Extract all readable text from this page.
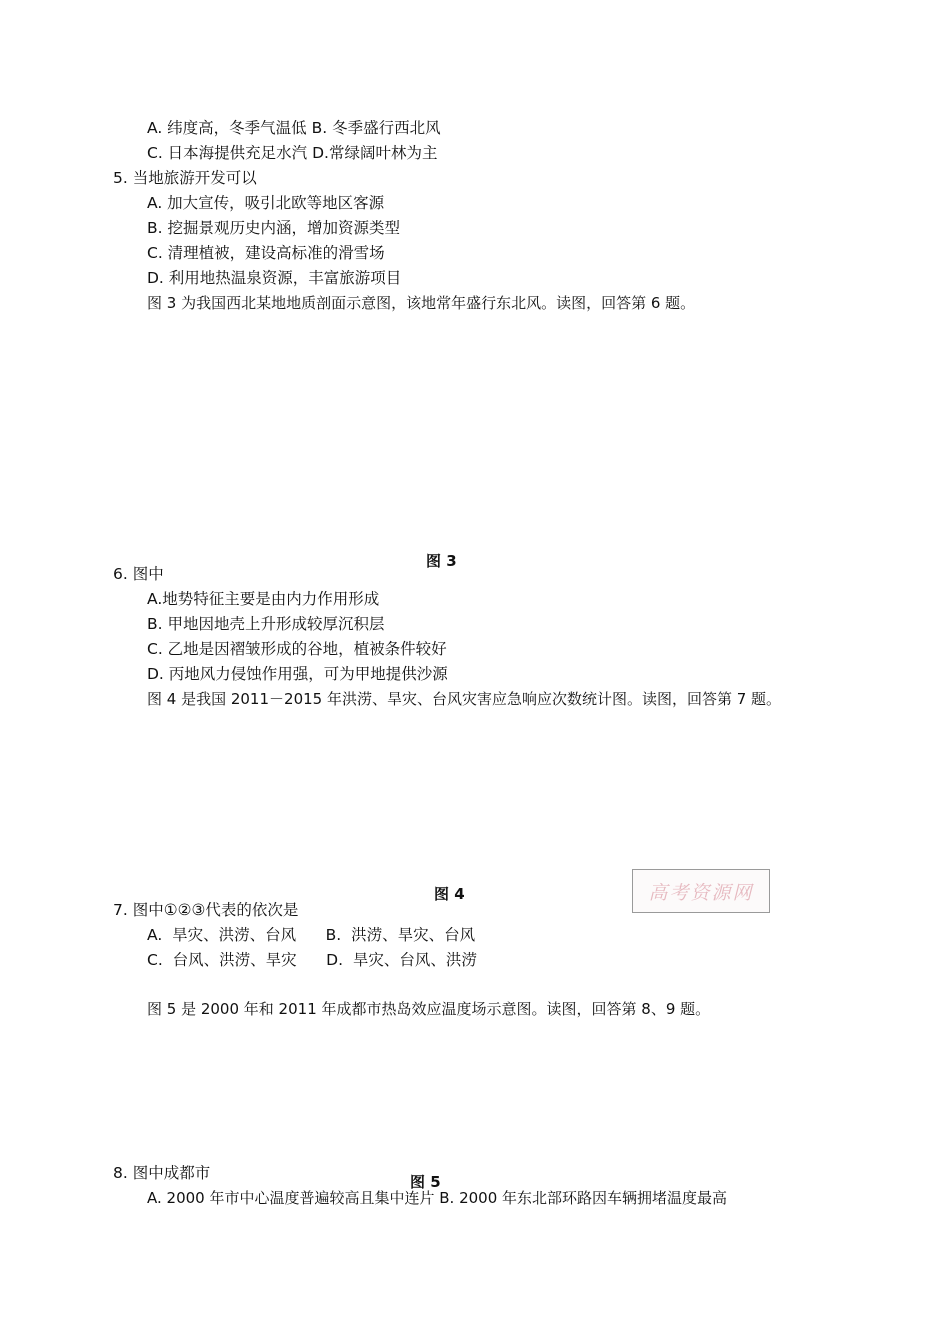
A. 纬度高，冬季气温低 B. 冬季盛行西北风
C. 日本海提供充足水汽 D.常绿阔叶林为主
5. 当地旅游开发可以
A. 加大宣传，吸引北欧等地区客源
B. 挖掘景观历史内涵，增加资源类型
C. 清理植被，建设高标准的滑雪场
D. 利用地热温泉资源，丰富旅游项目
图 3 为我国西北某地地质剖面示意图，该地常年盛行东北风。读图，回答第 6 题。
图 3
6. 图中
A.地势特征主要是由内力作用形成
B. 甲地因地壳上升形成较厚沉积层
C. 乙地是因褶皱形成的谷地，植被条件较好
D. 丙地风力侵蚀作用强，可为甲地提供沙源
图 4 是我国 2011－2015 年洪涝、旱灾、台风灾害应急响应次数统计图。读图，回答第 7 题。
图 4	高考资源网
7. 图中①②③代表的依次是
A.  旱灾、洪涝、台风      B.  洪涝、旱灾、台风
C.  台风、洪涝、旱灾      D.  旱灾、台风、洪涝
图 5 是 2000 年和 2011 年成都市热岛效应温度场示意图。读图，回答第 8、9 题。
8. 图中成都市	图 5
A. 2000 年市中心温度普遍较高且集中连片 B. 2000 年东北部环路因车辆拥堵温度最高
